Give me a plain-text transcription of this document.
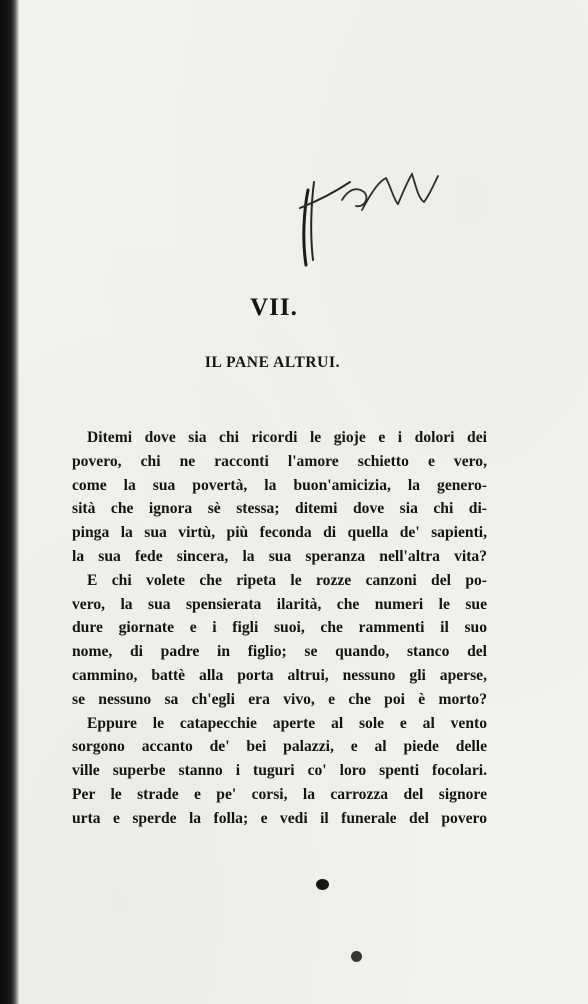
VII.
IL PANE ALTRUI.

Ditemi dove sia chi ricordi le gioje e i dolori dei
povero, chi ne racconti l'amore schietto e vero,
come la sua povertà, la buon'amicizia, la genero-
sità che ignora sè stessa; ditemi dove sia chi di-
pinga la sua virtù, più feconda di quella de' sapienti,
la sua fede sincera, la sua speranza nell'altra vita?

E chi volete che ripeta le rozze canzoni del po-
vero, la sua spensierata ilarità, che numeri le sue
dure giornate e i figli suoi, che rammenti il suo
nome, di padre in figlio; se quando, stanco del
cammino, battè alla porta altrui, nessuno gli aperse,
se nessuno sa ch'egli era vivo, e che poi è morto?

Eppure le catapecchie aperte al sole e al vento
sorgono accanto de' bei palazzi, e al piede delle
ville superbe stanno i tuguri co' loro spenti focolari.
Per le strade e pe' corsi, la carrozza del signore
urta e sperde la folla; e vedi il funerale del povero
